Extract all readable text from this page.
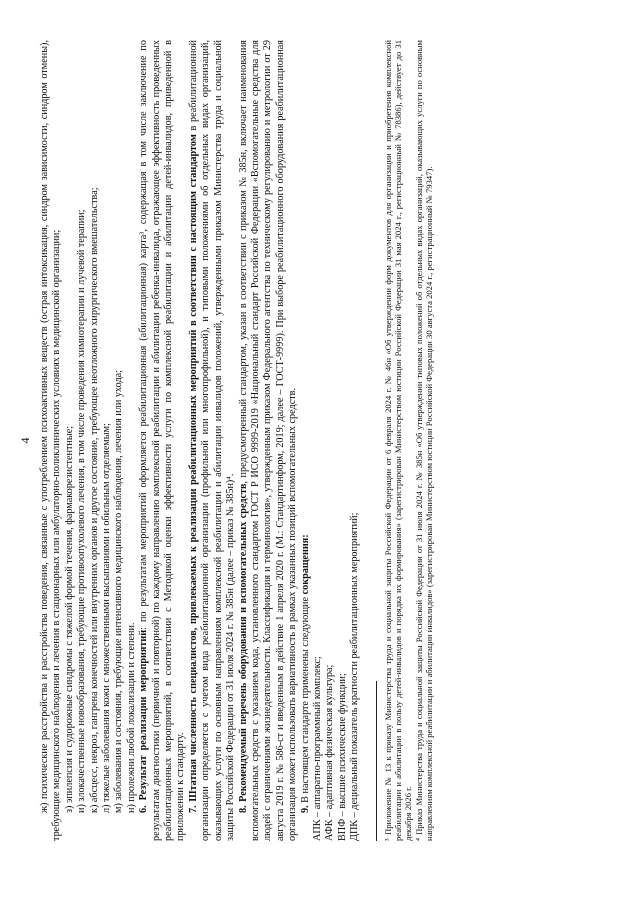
4 ж) психические расстройства и расстройства поведения, связанные с употреблением психоактивных веществ (острая интоксикация, синдром зависимости, синдром отмены), требующие медицинского наблюдения и лечения в стационарных или амбулаторно-поликлинических условиях в медицинской организации; з) эпилепсия и судорожные синдромы с тяжелой формой течения, фармакорезистентные; и) злокачественные новообразования, требующие противоопухолевого лечения, в том числе проведения химиотерапии и лучевой терапии; к) абсцесс, некроз, гангрена конечностей или внутренних органов и другое состояние, требующее неотложного хирургического вмешательства; л) тяжелые заболевания кожи с множественными высыпаниями и обильным отделяемым; м) заболевания и состояния, требующие интенсивного медицинского наблюдения, лечения или ухода; н) пролежни любой локализации и степени. 6. Результат реализации мероприятий: по результатам мероприятий оформляется реабилитационная (абилитационная) карта³, содержащая в том числе заключение по результатам диагностики (первичной и повторной) по каждому направлению комплексной реабилитации и абилитации ребенка-инвалида, отражающее эффективность проведенных реабилитационных мероприятий, в соответствии с Методикой оценки эффективности услуги по комплексной реабилитации и абилитации детей-инвалидов, приведенной в приложении к стандарту. 7. Штатная численность специалистов, привлекаемых к реализации реабилитационных мероприятий в соответствии с настоящим стандартом в реабилитационной организации определяется с учетом вида реабилитационной организации (профильной или многопрофильной), и типовыми положениями об отдельных видах организаций, оказывающих услуги по основным направлениям комплексной реабилитации и абилитации инвалидов положений, утвержденными приказом Министерства труда и социальной защиты Российской Федерации от 31 июля 2024 г. № 385н (далее – приказ № 385н)⁴. 8. Рекомендуемый перечень оборудования и вспомогательных средств, предусмотренный стандартом, указан в соответствии с приказом № 385н, включает наименования вспомогательных средств с указанием кода, установленного стандартом ГОСТ Р ИСО 9999-2019 «Национальный стандарт Российской Федерации «Вспомогательные средства для людей с ограничениями жизнедеятельности. Классификация и терминология», утвержденным приказом Федерального агентства по техническому регулированию и метрологии от 29 августа 2019 г. № 586-ст и введенным в действие 1 апреля 2020 г. (М.: Стандартинформ, 2019; далее – ГОСТ-9999). При выборе реабилитационного оборудования реабилитационная организация может использовать вариативность в рамках указанных позиций вспомогательных средств. 9. В настоящем стандарте применены следующие сокращения:

АПК – аппаратно-программный комплекс; АФК – адаптивная физическая культура; ВПФ – высшие психические функции; ДПК – дециальный показатель кратности реабилитационных мероприятий;	³ Приложение № 13 к приказу Министерства труда и социальной защиты Российской Федерации от 6 февраля 2024 г. № 46н «Об утверждении форм документов для организации и приобретения комплексной реабилитации и абилитации в пользу детей-инвалидов и порядка их формирования» (зарегистрирован Министерством юстиции Российской Федерации 31 мая 2024 г., регистрационный № 78386), действует до 31 декабря 2026 г. ⁴ Приказ Министерства труда и социальной защиты Российской Федерации от 31 июля 2024 г. № 385н «Об утверждении типовых положений об отдельных видах организаций, оказывающих услуги по основным направлениям комплексной реабилитации и абилитации инвалидов» (зарегистрирован Министерством юстиции Российской Федерации 30 августа 2024 г., регистрационный № 79347).
